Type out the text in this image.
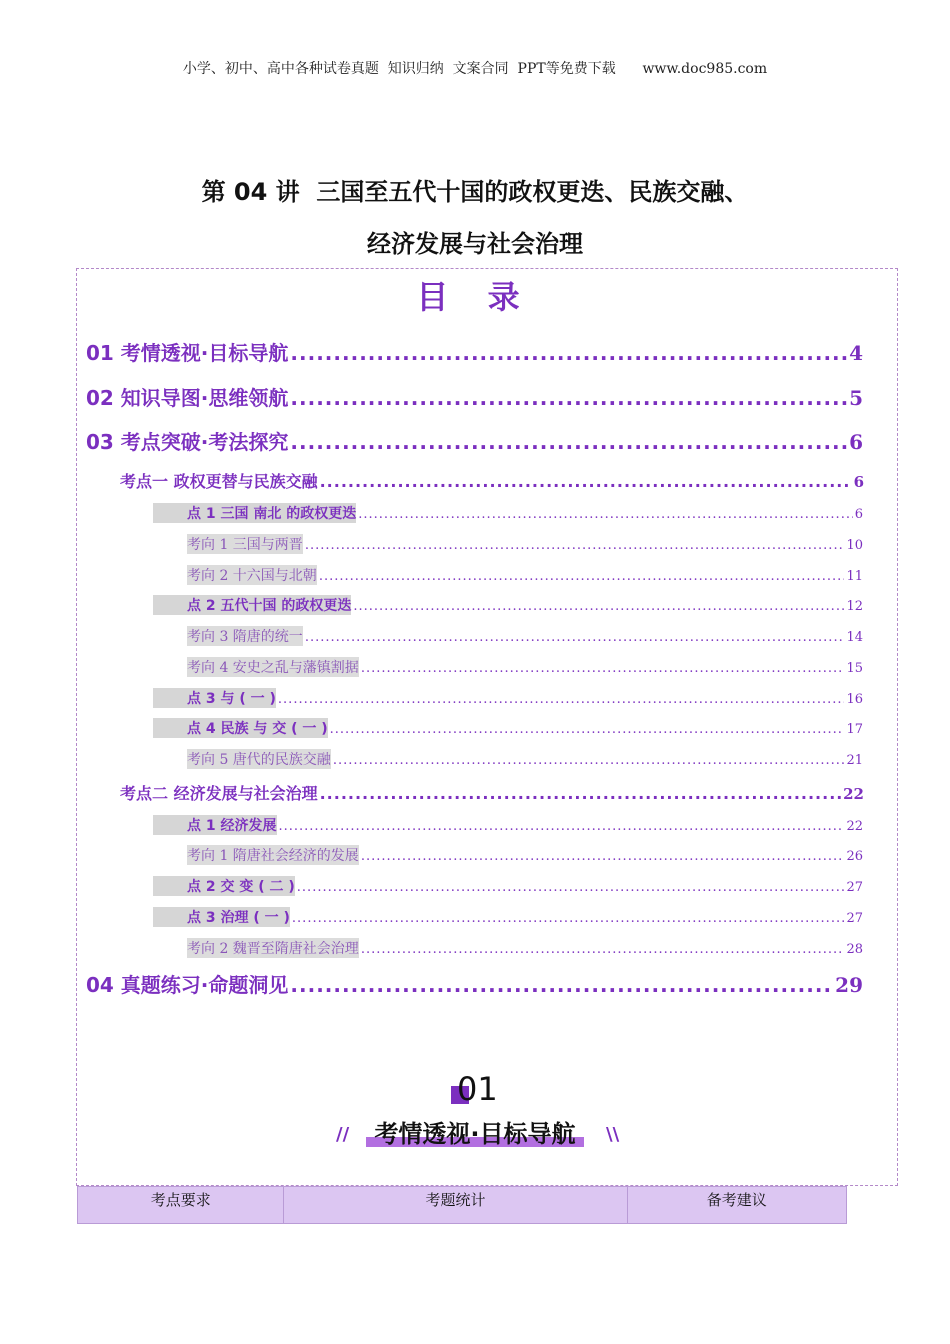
小学、初中、高中各种试卷真题  知识归纳  文案合同  PPT等免费下载      www.doc985.com
第 04 讲  三国至五代十国的政权更迭、民族交融、
经济发展与社会治理
目 录
01 考情透视·目标导航 .....	4
02 知识导图·思维领航 .....	5
03 考点突破·考法探究 .....	6
考点一 政权更替与民族交融 .....	6
点 1 三国 南北 的政权更迭 .....	6
考向 1 三国与两晋 .....	10
考向 2 十六国与北朝 .....	11
点 2 五代十国 的政权更迭 .....	12
考向 3 隋唐的统一 .....	14
考向 4 安史之乱与藩镇割据 .....	15
点 3 与 ( 一 ) .....	16
点 4 民族 与 交 ( 一 ) .....	17
考向 5 唐代的民族交融 .....	21
考点二 经济发展与社会治理 .....	22
点 1 经济发展 .....	22
考向 1 隋唐社会经济的发展 .....	26
点 2 交 变 ( 二 ) .....	27
点 3 治理 ( 一 ) .....	27
考向 2 魏晋至隋唐社会治理 .....	28
04 真题练习·命题洞见 .....	29
01
//	考情透视·目标导航	\\
考点要求	考题统计	备考建议
